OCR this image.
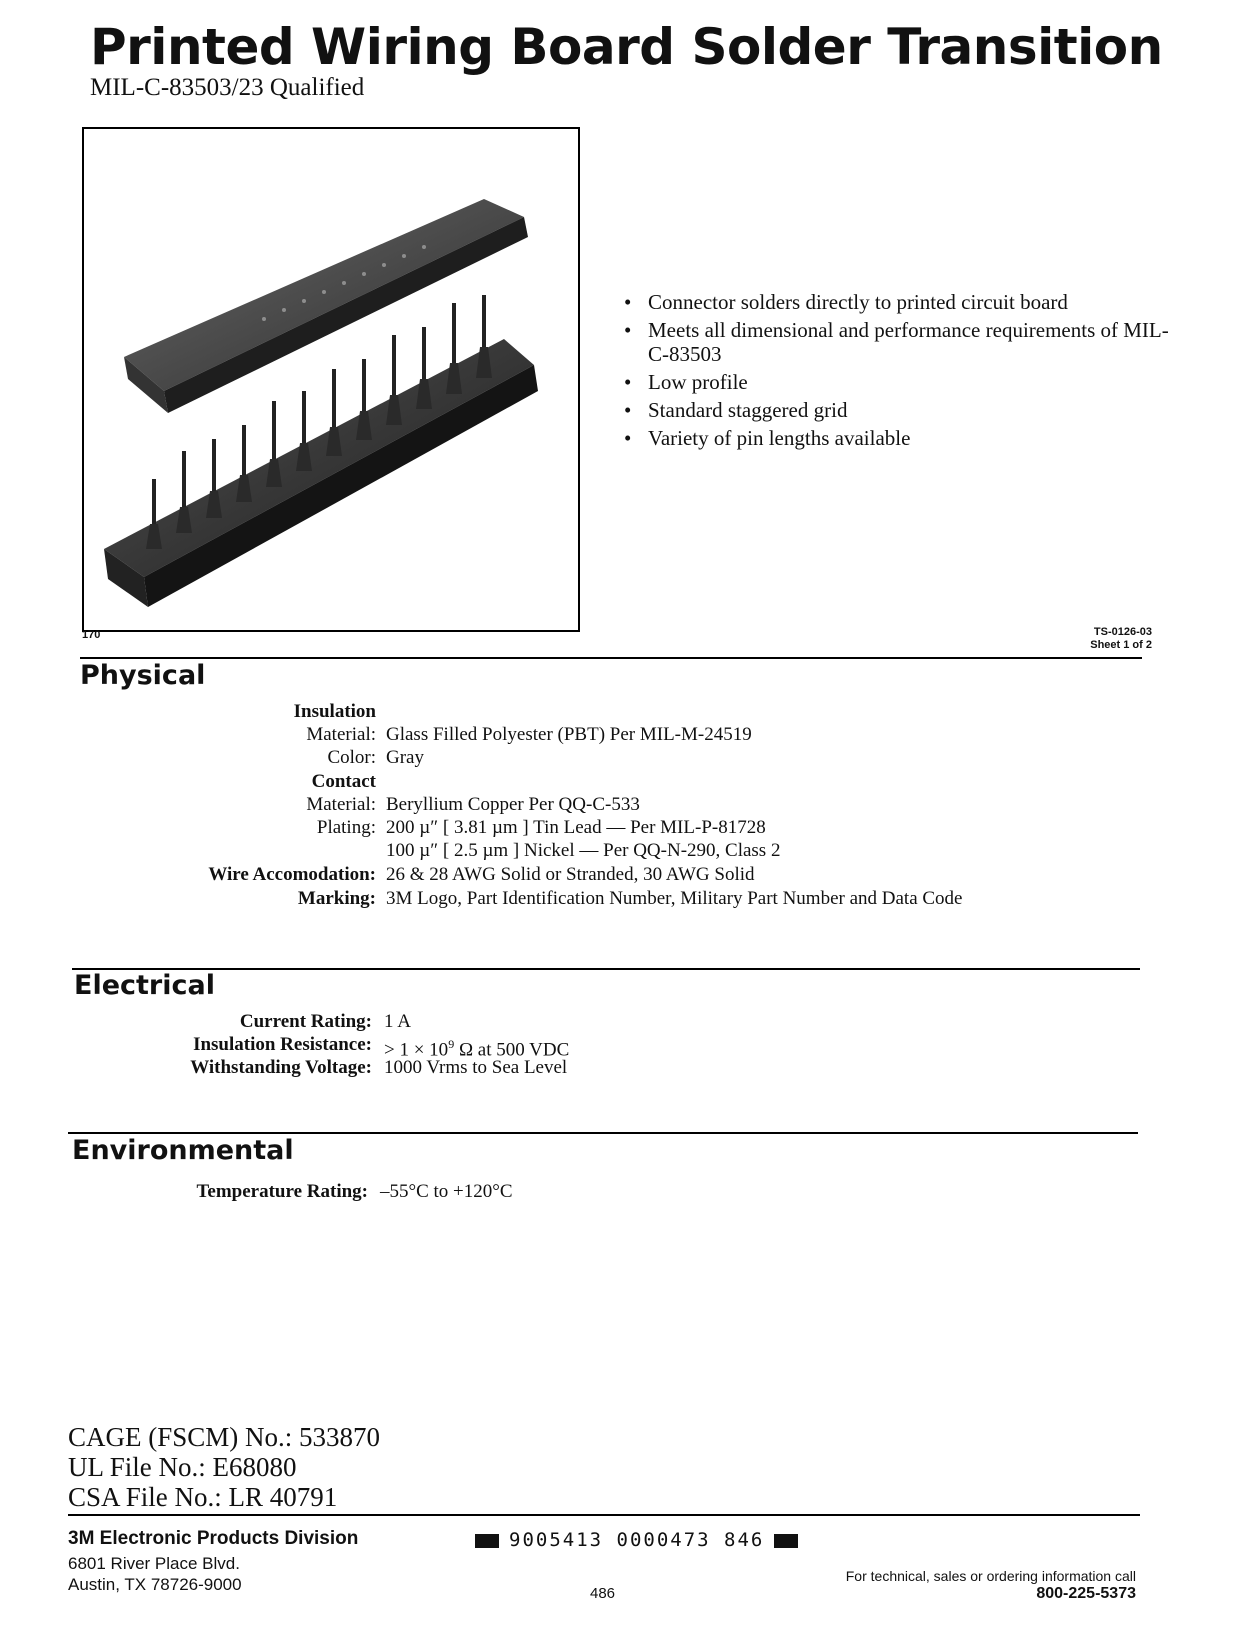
Printed Wiring Board Solder Transition
MIL-C-83503/23 Qualified
170
• Connector solders directly to printed circuit board
• Meets all dimensional and performance requirements of MIL-C-83503
• Low profile
• Standard staggered grid
• Variety of pin lengths available
TS-0126-03
Sheet 1 of 2
Physical
Insulation
Material: Glass Filled Polyester (PBT) Per MIL-M-24519
Color: Gray
Contact
Material: Beryllium Copper Per QQ-C-533
Plating: 200 µ″ [ 3.81 µm ] Tin Lead — Per MIL-P-81728
100 µ″ [ 2.5 µm ] Nickel — Per QQ-N-290, Class 2
Wire Accomodation: 26 & 28 AWG Solid or Stranded, 30 AWG Solid
Marking: 3M Logo, Part Identification Number, Military Part Number and Data Code
Electrical
Current Rating: 1 A
Insulation Resistance: > $1 \times 10^9$ Ω at 500 VDC
Withstanding Voltage: 1000 Vrms to Sea Level
Environmental
Temperature Rating: –55°C to +120°C
CAGE (FSCM) No.: 533870
UL File No.: E68080
CSA File No.: LR 40791
3M Electronic Products Division
6801 River Place Blvd.
Austin, TX 78726-9000
9005413 0000473 846
486
For technical, sales or ordering information call
800-225-5373
